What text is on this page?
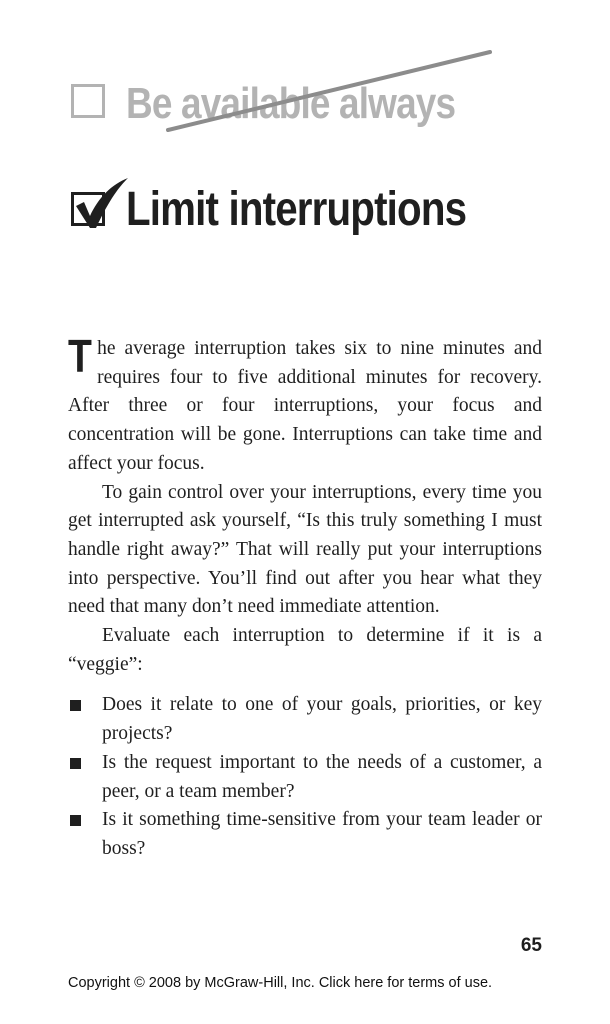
Be available always
Limit interruptions

The average interruption takes six to nine minutes and requires four to five additional minutes for recovery. After three or four interruptions, your focus and concentration will be gone. Interruptions can take time and affect your focus.

To gain control over your interruptions, every time you get interrupted ask yourself, “Is this truly something I must handle right away?” That will really put your interruptions into perspective. You’ll find out after you hear what they need that many don’t need immediate attention.

Evaluate each interruption to determine if it is a “veggie”:

Does it relate to one of your goals, priorities, or key projects?
Is the request important to the needs of a customer, a peer, or a team member?
Is it something time-sensitive from your team leader or boss?
65
Copyright © 2008 by McGraw-Hill, Inc. Click here for terms of use.
